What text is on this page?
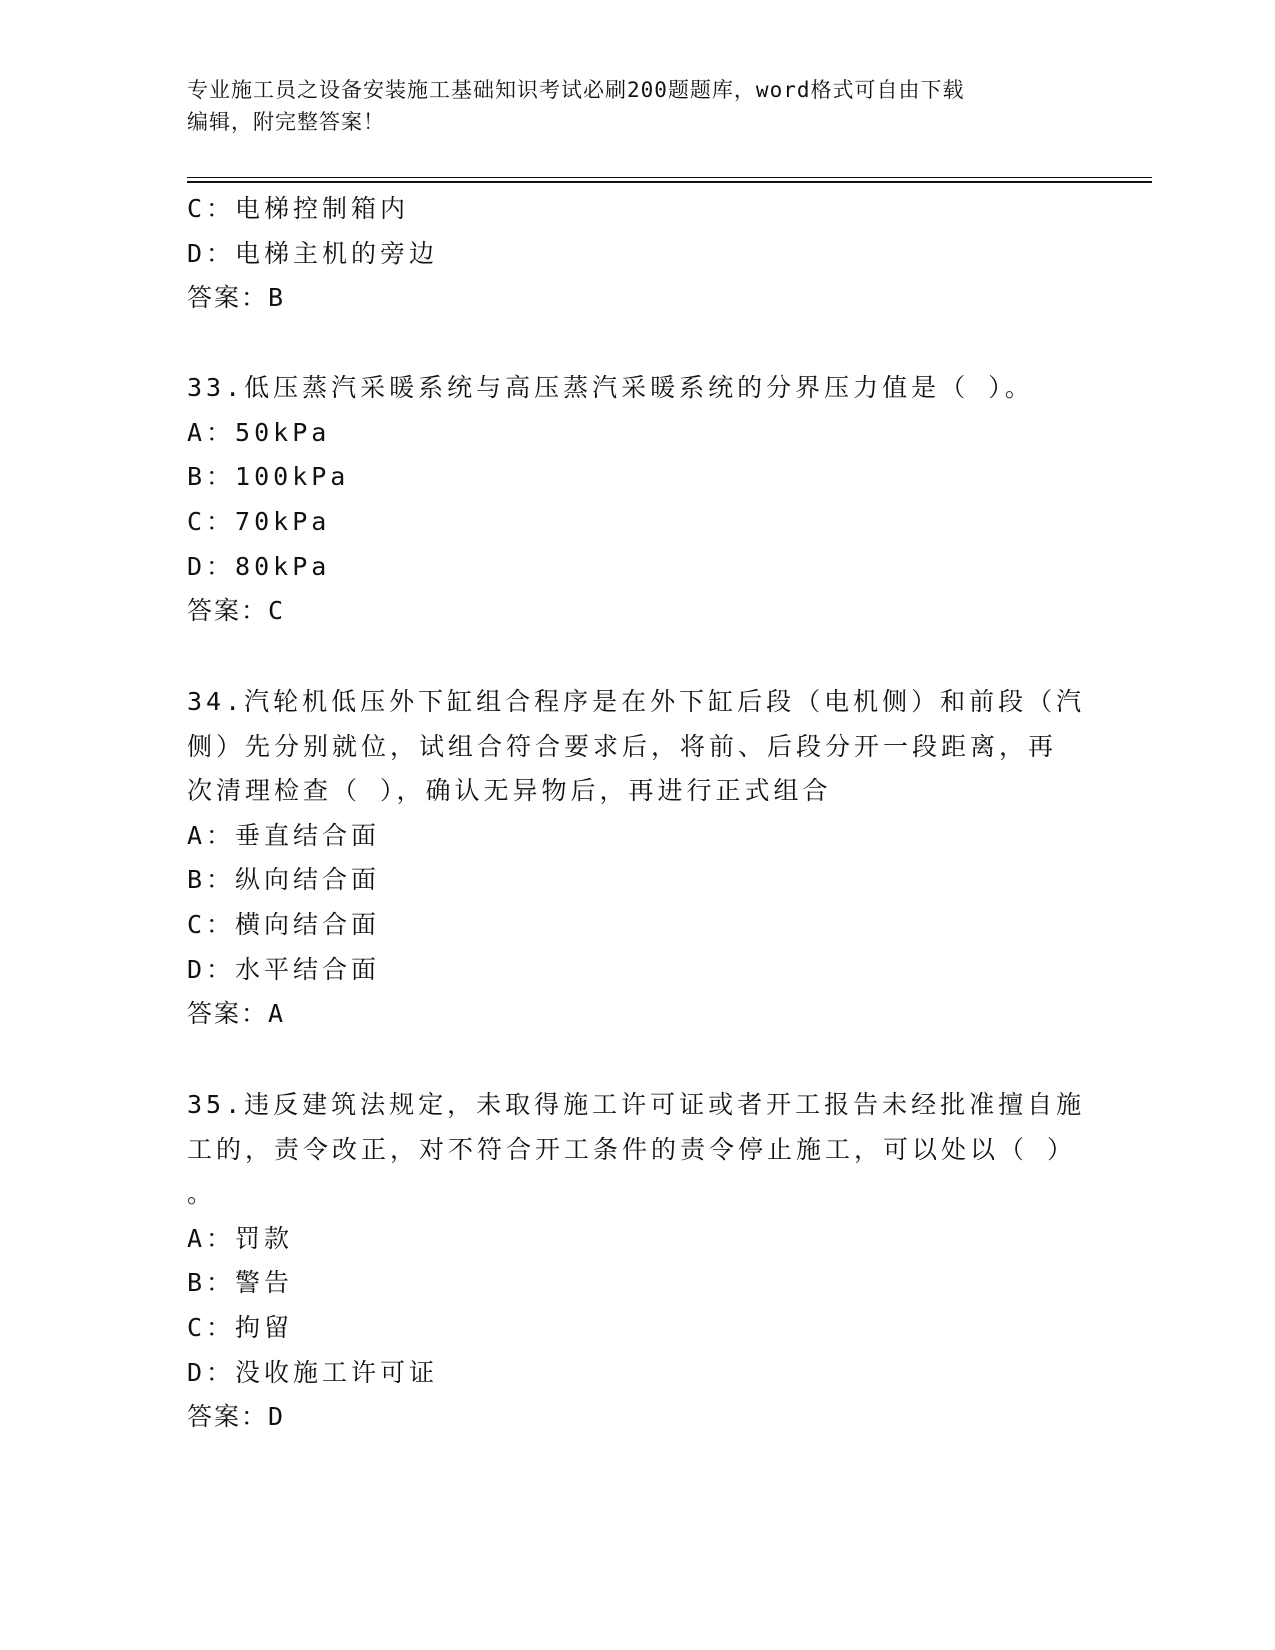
专业施工员之设备安装施工基础知识考试必刷200题题库，word格式可自由下载
编辑，附完整答案！
C：电梯控制箱内
D：电梯主机的旁边
答案：B
33.低压蒸汽采暖系统与高压蒸汽采暖系统的分界压力值是（ ）。
A：50kPa
B：100kPa
C：70kPa
D：80kPa
答案：C
34.汽轮机低压外下缸组合程序是在外下缸后段（电机侧）和前段（汽
侧）先分别就位，试组合符合要求后，将前、后段分开一段距离，再
次清理检查（ ），确认无异物后，再进行正式组合
A：垂直结合面
B：纵向结合面
C：横向结合面
D：水平结合面
答案：A
35.违反建筑法规定，未取得施工许可证或者开工报告未经批准擅自施
工的，责令改正，对不符合开工条件的责令停止施工，可以处以（ ）
。
A：罚款
B：警告
C：拘留
D：没收施工许可证
答案：D
